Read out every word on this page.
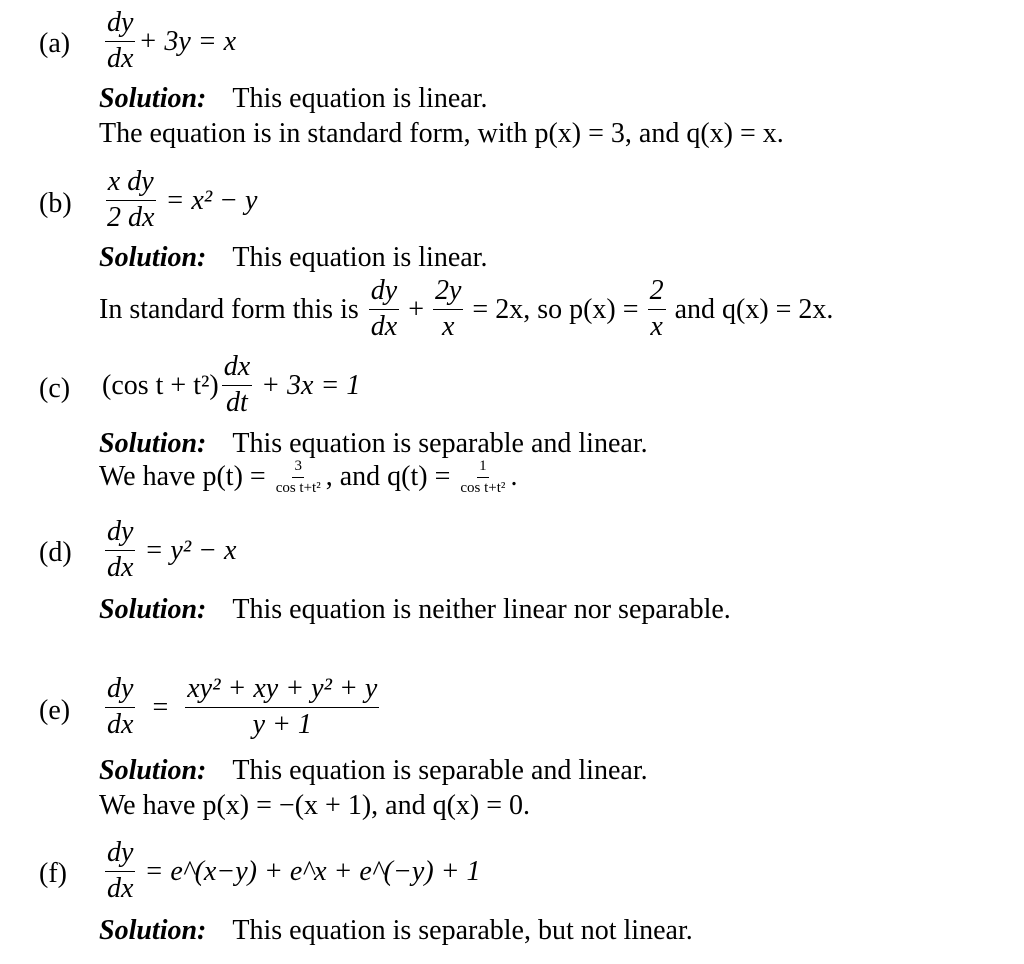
$(a) \frac{dy}{dx} + 3y = x$
Solution: This equation is linear.
The equation is in standard form, with p(x) = 3, and q(x) = x.
$(b) \frac{\text{x dy}}{2 dx} = x^2 - y$
Solution: This equation is linear.
In standard form this is $\frac{dy}{dx} + \frac{2y}{x} = 2x$, so $p(x) = \frac{2}{x}$ and q(x) = 2x.
(c) (cos $t + t^2) \frac{dx}{dt} + 3x = 1$
Solution: This equation is separable and linear.
We have $p(t) = \frac{3}{\text{cos t+t²}}$ , and $q(t) = \frac{1}{\text{cos t+t²}}$ .
$(d) \frac{dy}{dx} = y^2 - x$
Solution: This equation is neither linear nor separable.
$(e) \frac{dy}{dx} = \frac{\text{xy² + xy + y² + y}}{y + 1}$
Solution: This equation is separable and linear.
We have p(x) = −(x + 1), and q(x) = 0.
$(f) \frac{dy}{dx}$ = e^(x−y) + e^x + e^(−y) + 1
Solution: This equation is separable, but not linear.
